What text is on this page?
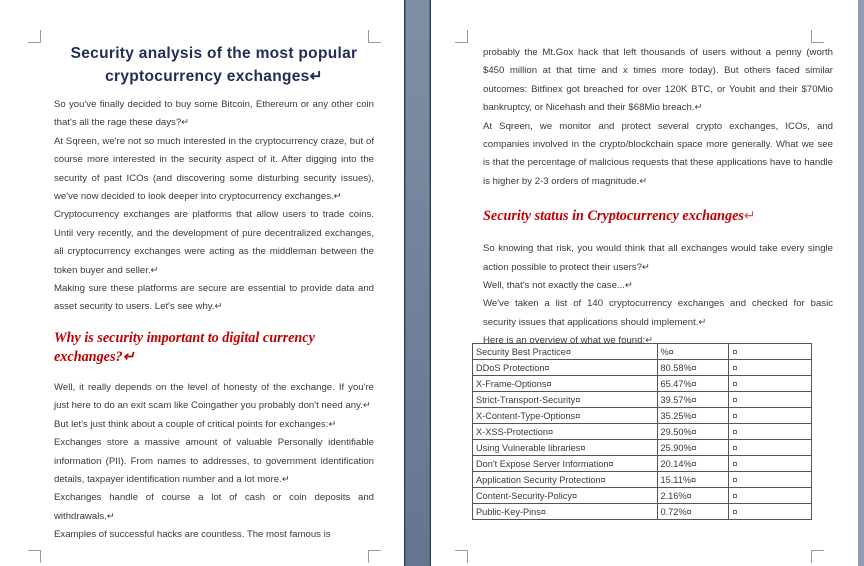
Security analysis of the most popular cryptocurrency exchanges↵

So you've finally decided to buy some Bitcoin, Ethereum or any other coin that's all the rage these days?↵

At Sqreen, we're not so much interested in the cryptocurrency craze, but of course more interested in the security aspect of it. After digging into the security of past ICOs (and discovering some disturbing security issues), we've now decided to look deeper into cryptocurrency exchanges.↵

Cryptocurrency exchanges are platforms that allow users to trade coins. Until very recently, and the development of pure decentralized exchanges, all cryptocurrency exchanges were acting as the middleman between the token buyer and seller.↵

Making sure these platforms are secure are essential to provide data and asset security to users. Let's see why.↵

Why is security important to digital currency exchanges?↵

Well, it really depends on the level of honesty of the exchange. If you're just here to do an exit scam like Coingather you probably don't need any.↵

But let's just think about a couple of critical points for exchanges:↵

Exchanges store a massive amount of valuable Personally identifiable information (PII). From names to addresses, to government identification details, taxpayer identification number and a lot more.↵

Exchanges handle of course a lot of cash or coin deposits and withdrawals.↵

Examples of successful hacks are countless. The most famous is

probably the Mt.Gox hack that left thousands of users without a penny (worth $450 million at that time and x times more today). But others faced similar outcomes: Bitfinex got breached for over 120K BTC, or Youbit and their $70Mio bankruptcy, or Nicehash and their $68Mio breach.↵

At Sqreen, we monitor and protect several crypto exchanges, ICOs, and companies involved in the crypto/blockchain space more generally. What we see is that the percentage of malicious requests that these applications have to handle is higher by 2-3 orders of magnitude.↵

Security status in Cryptocurrency exchanges↵

So knowing that risk, you would think that all exchanges would take every single action possible to protect their users?↵

Well, that's not exactly the case...↵

We've taken a list of 140 cryptocurrency exchanges and checked for basic security issues that applications should implement.↵

Here is an overview of what we found:↵

Security Best Practice¤	%¤	¤
DDoS Protection¤	80.58%¤	¤
X-Frame-Options¤	65.47%¤	¤
Strict-Transport-Security¤	39.57%¤	¤
X-Content-Type-Options¤	35.25%¤	¤
X-XSS-Protection¤	29.50%¤	¤
Using Vulnerable libraries¤	25.90%¤	¤
Don't Expose Server Information¤	20.14%¤	¤
Application Security Protection¤	15.11%¤	¤
Content-Security-Policy¤	2.16%¤	¤
Public-Key-Pins¤	0.72%¤	¤
